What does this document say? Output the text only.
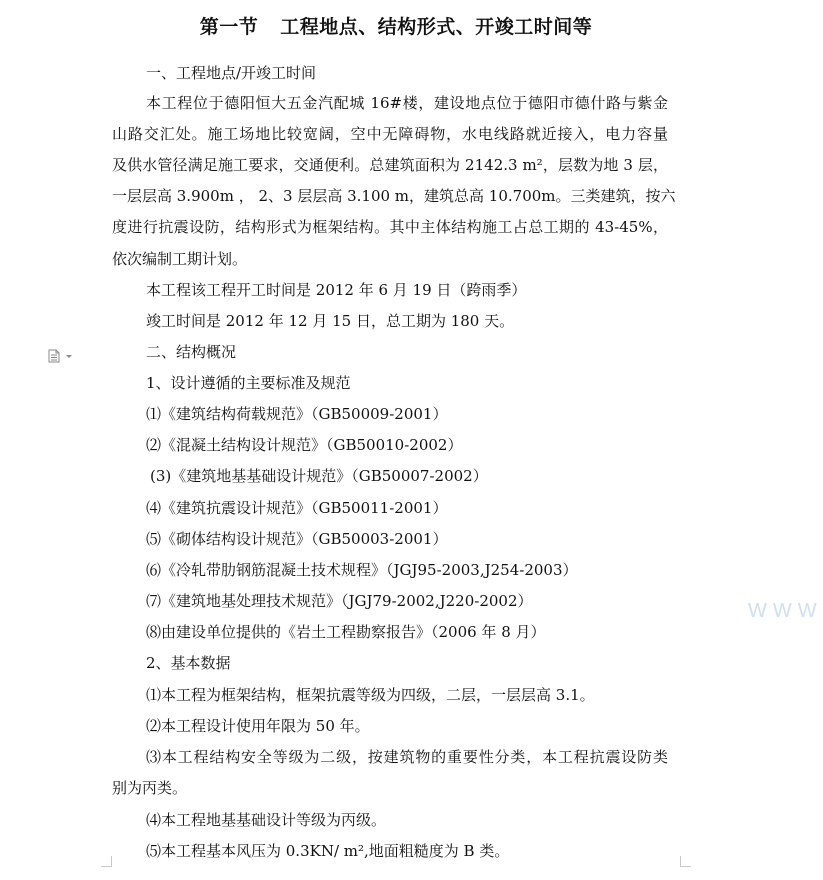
第一节 工程地点、结构形式、开竣工时间等

一、工程地点/开竣工时间

本工程位于德阳恒大五金汽配城 16#楼，建设地点位于德阳市德什路与紫金

山路交汇处。施工场地比较宽阔，空中无障碍物，水电线路就近接入，电力容量

及供水管径满足施工要求，交通便利。总建筑面积为 2142.3 m²，层数为地 3 层，

一层层高 3.900m ， 2、3 层层高 3.100 m，建筑总高 10.700m。三类建筑，按六

度进行抗震设防，结构形式为框架结构。其中主体结构施工占总工期的 43-45%，

依次编制工期计划。

本工程该工程开工时间是 2012 年 6 月 19 日（跨雨季）

竣工时间是 2012 年 12 月 15 日，总工期为 180 天。

二、结构概况

1、设计遵循的主要标准及规范

⑴《建筑结构荷载规范》（GB50009-2001）

⑵《混凝土结构设计规范》（GB50010-2002）

(3)《建筑地基基础设计规范》（GB50007-2002）

⑷《建筑抗震设计规范》（GB50011-2001）

⑸《砌体结构设计规范》（GB50003-2001）

⑹《冷轧带肋钢筋混凝土技术规程》（JGJ95-2003,J254-2003）

⑺《建筑地基处理技术规范》（JGJ79-2002,J220-2002）

⑻由建设单位提供的《岩土工程勘察报告》（2006 年 8 月）

2、基本数据

⑴本工程为框架结构，框架抗震等级为四级，二层，一层层高 3.1。

⑵本工程设计使用年限为 50 年。

⑶本工程结构安全等级为二级，按建筑物的重要性分类，本工程抗震设防类

别为丙类。

⑷本工程地基基础设计等级为丙级。

⑸本工程基本风压为 0.3KN/ m²,地面粗糙度为 B 类。

WWW
